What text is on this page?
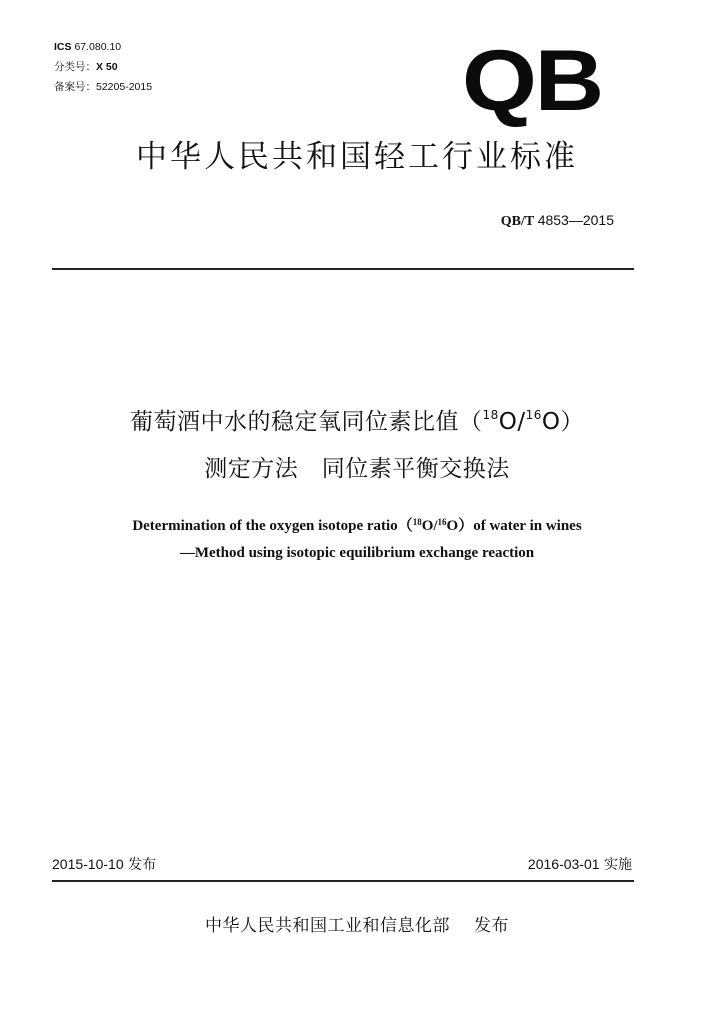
ICS 67.080.10
分类号：X 50
备案号：52205-2015	QB
中华人民共和国轻工行业标准
QB/T 4853—2015
葡萄酒中水的稳定氧同位素比值（$^{18}$O/$^{16}$O）
测定方法　同位素平衡交换法
Determination of the oxygen isotope ratio（$^{18}$O/$^{16}$O）of water in wines
—Method using isotopic equilibrium exchange reaction
2015-10-10 发布	2016-03-01 实施
中华人民共和国工业和信息化部 发布
